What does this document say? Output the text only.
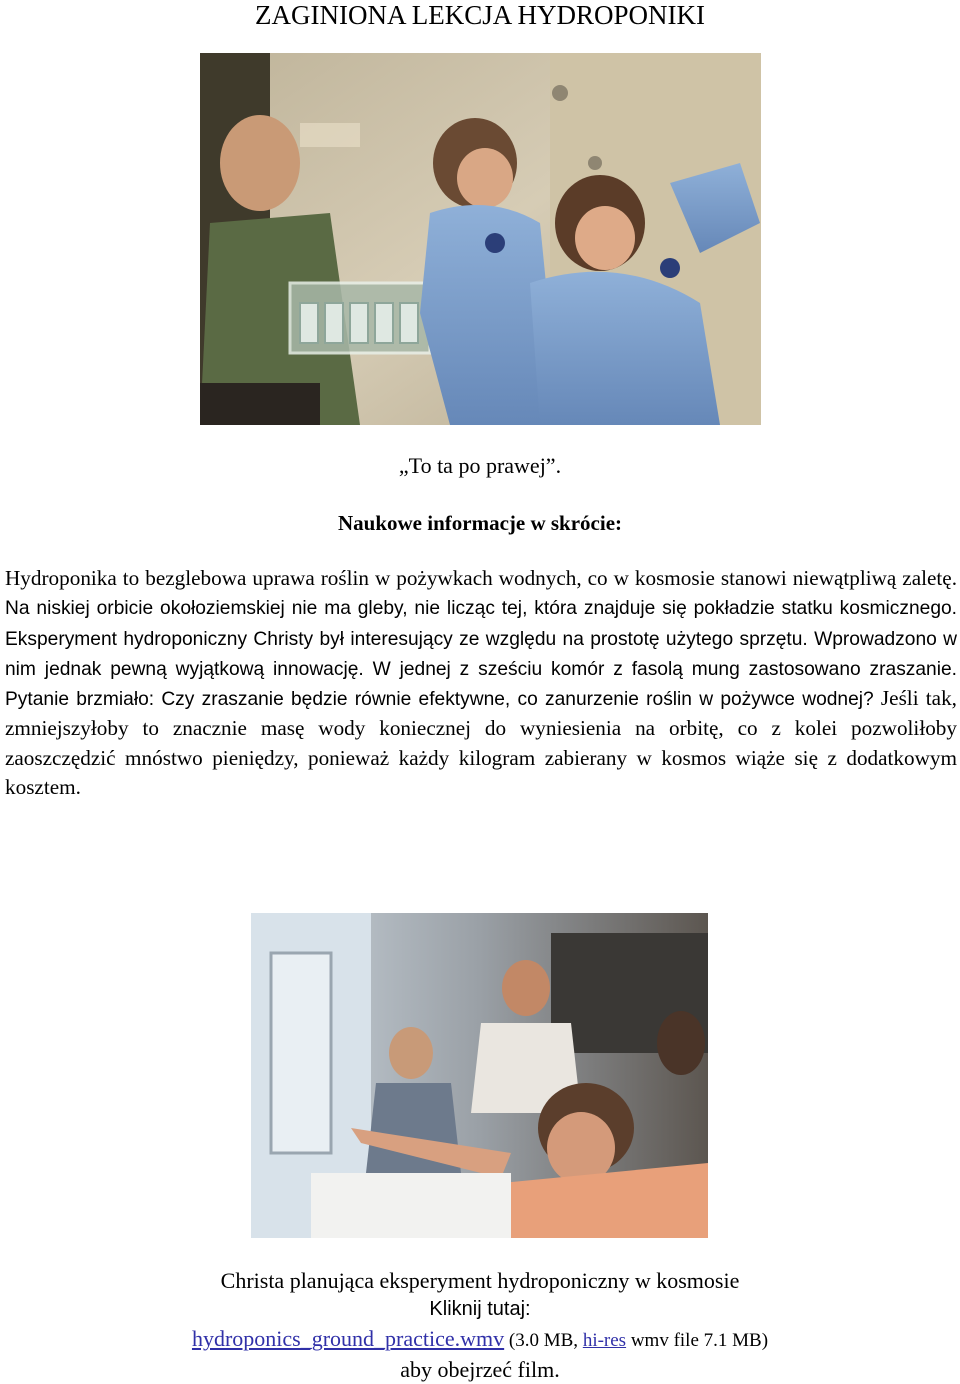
ZAGINIONA LEKCJA HYDROPONIKI
„To ta po prawej”.
Naukowe informacje w skrócie:

Hydroponika to bezglebowa uprawa roślin w pożywkach wodnych, co w kosmosie stanowi niewątpliwą zaletę. Na niskiej orbicie okołoziemskiej nie ma gleby, nie licząc tej, która znajduje się pokładzie statku kosmicznego. Eksperyment hydroponiczny Christy był interesujący ze względu na prostotę użytego sprzętu. Wprowadzono w nim jednak pewną wyjątkową innowację. W jednej z sześciu komór z fasolą mung zastosowano zraszanie. Pytanie brzmiało: Czy zraszanie będzie równie efektywne, co zanurzenie roślin w pożywce wodnej? Jeśli tak, zmniejszyłoby to znacznie masę wody koniecznej do wyniesienia na orbitę, co z kolei pozwoliłoby zaoszczędzić mnóstwo pieniędzy, ponieważ każdy kilogram zabierany w kosmos wiąże się z dodatkowym kosztem.

Christa planująca eksperyment hydroponiczny w kosmosie
Kliknij tutaj:
hydroponics_ground_practice.wmv (3.0 MB, hi-res wmv file 7.1 MB)
aby obejrzeć film.
